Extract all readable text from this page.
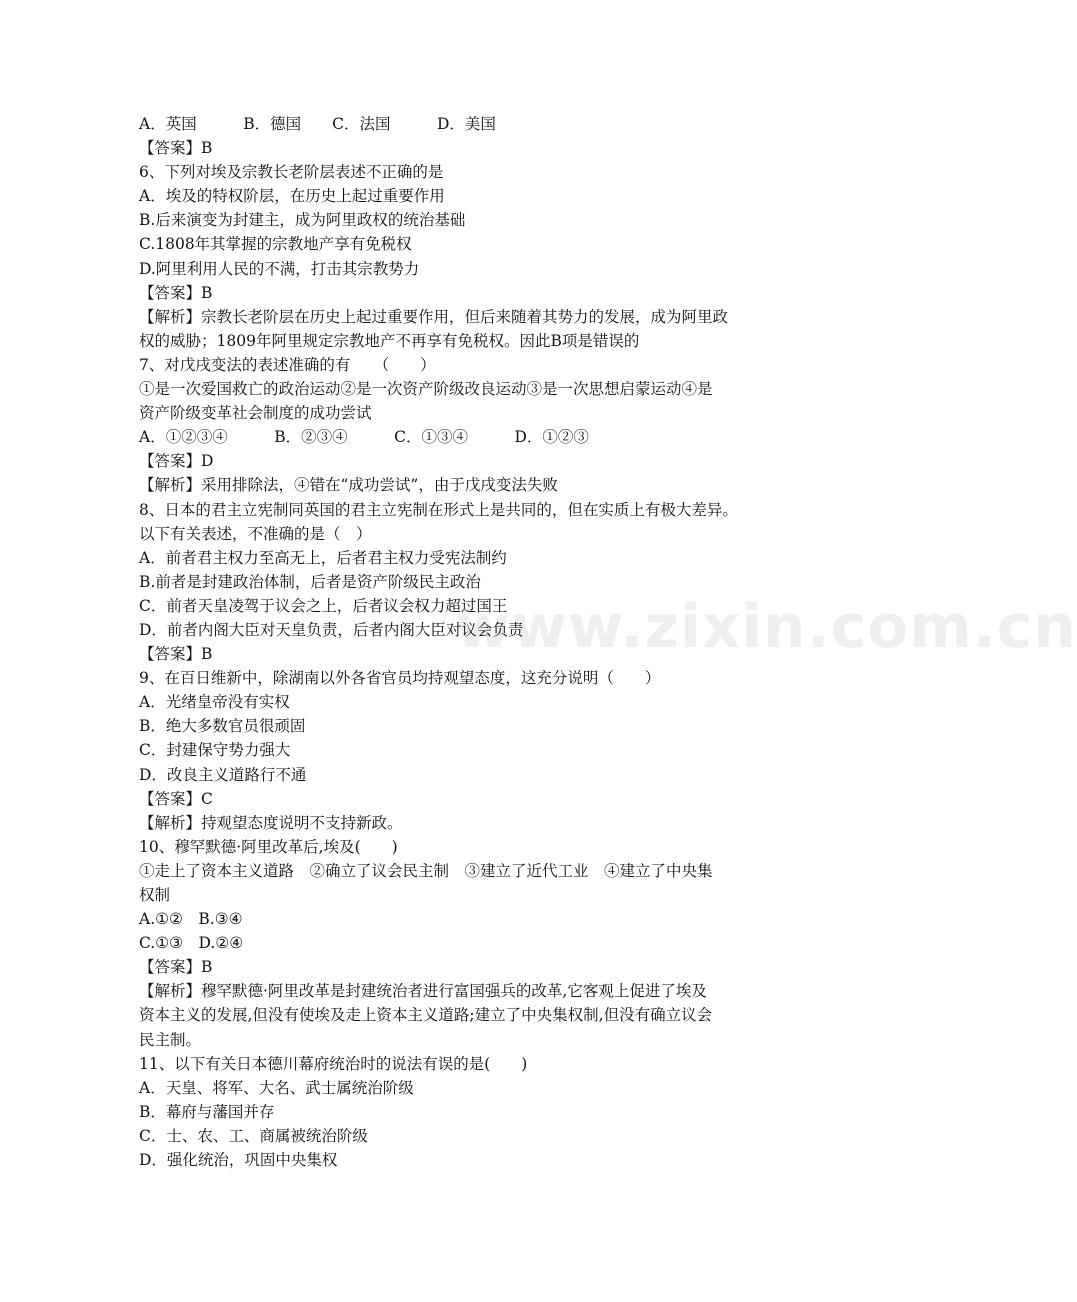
www.zixin.com.cn
A．英国　　　B．德国　　C．法国　　　D．美国
【答案】B
6、下列对埃及宗教长老阶层表述不正确的是
A．埃及的特权阶层，在历史上起过重要作用
B.后来演变为封建主，成为阿里政权的统治基础
C.1808年其掌握的宗教地产享有免税权
D.阿里利用人民的不满，打击其宗教势力
【答案】B
【解析】宗教长老阶层在历史上起过重要作用，但后来随着其势力的发展，成为阿里政
权的威胁；1809年阿里规定宗教地产不再享有免税权。因此B项是错误的
7、对戊戌变法的表述准确的有　　（　　）
①是一次爱国救亡的政治运动②是一次资产阶级改良运动③是一次思想启蒙运动④是
资产阶级变革社会制度的成功尝试
A．①②③④　　　B．②③④　　　C．①③④　　　D．①②③
【答案】D
【解析】采用排除法，④错在“成功尝试”，由于戊戌变法失败
8、日本的君主立宪制同英国的君主立宪制在形式上是共同的，但在实质上有极大差异。
以下有关表述，不准确的是（　）
A．前者君主权力至高无上，后者君主权力受宪法制约
B.前者是封建政治体制，后者是资产阶级民主政治
C．前者天皇凌驾于议会之上，后者议会权力超过国王
D．前者内阁大臣对天皇负责，后者内阁大臣对议会负责
【答案】B
9、在百日维新中，除湖南以外各省官员均持观望态度，这充分说明（　　）
A．光绪皇帝没有实权
B．绝大多数官员很顽固
C．封建保守势力强大
D．改良主义道路行不通
【答案】C
【解析】持观望态度说明不支持新政。
10、穆罕默德·阿里改革后,埃及(　　)
①走上了资本主义道路　②确立了议会民主制　③建立了近代工业　④建立了中央集
权制
A.①②　B.③④
C.①③　D.②④
【答案】B
【解析】穆罕默德·阿里改革是封建统治者进行富国强兵的改革,它客观上促进了埃及
资本主义的发展,但没有使埃及走上资本主义道路;建立了中央集权制,但没有确立议会
民主制。
11、以下有关日本德川幕府统治时的说法有误的是(　　)
A．天皇、将军、大名、武士属统治阶级
B．幕府与藩国并存
C．士、农、工、商属被统治阶级
D．强化统治，巩固中央集权
